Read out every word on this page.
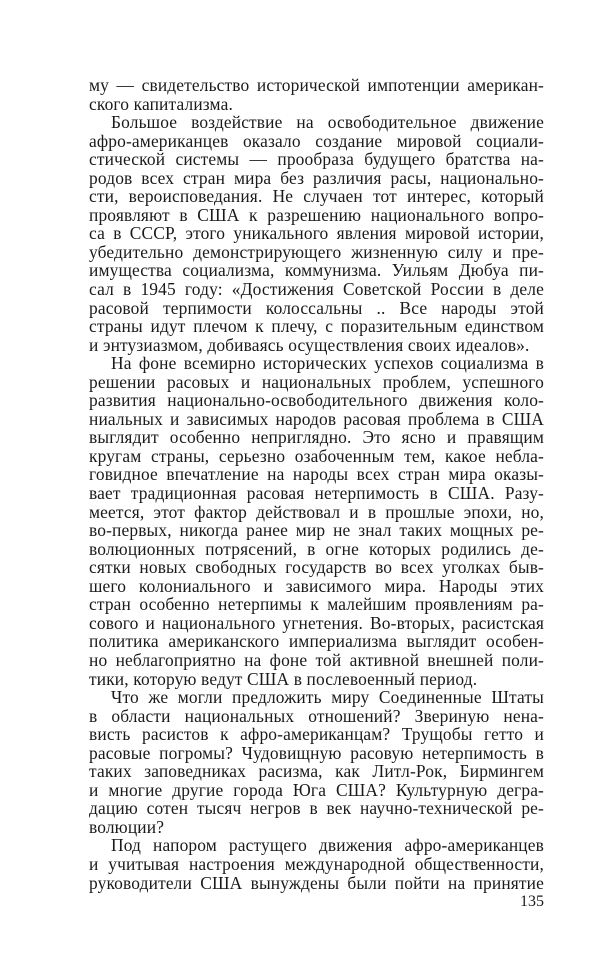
му — свидетельство исторической импотенции американ-
ского капитализма.
Большое воздействие на освободительное движение
афро-американцев оказало создание мировой социали-
стической системы — прообраза будущего братства на-
родов всех стран мира без различия расы, национально-
сти, вероисповедания. Не случаен тот интерес, который
проявляют в США к разрешению национального вопро-
са в СССР, этого уникального явления мировой истории,
убедительно демонстрирующего жизненную силу и пре-
имущества социализма, коммунизма. Уильям Дюбуа пи-
сал в 1945 году: «Достижения Советской России в деле
расовой терпимости колоссальны .. Все народы этой
страны идут плечом к плечу, с поразительным единством
и энтузиазмом, добиваясь осуществления своих идеалов».
На фоне всемирно исторических успехов социализма в
решении расовых и национальных проблем, успешного
развития национально-освободительного движения коло-
ниальных и зависимых народов расовая проблема в США
выглядит особенно неприглядно. Это ясно и правящим
кругам страны, серьезно озабоченным тем, какое небла-
говидное впечатление на народы всех стран мира оказы-
вает традиционная расовая нетерпимость в США. Разу-
меется, этот фактор действовал и в прошлые эпохи, но,
во-первых, никогда ранее мир не знал таких мощных ре-
волюционных потрясений, в огне которых родились де-
сятки новых свободных государств во всех уголках быв-
шего колониального и зависимого мира. Народы этих
стран особенно нетерпимы к малейшим проявлениям ра-
сового и национального угнетения. Во-вторых, расистская
политика американского империализма выглядит особен-
но неблагоприятно на фоне той активной внешней поли-
тики, которую ведут США в послевоенный период.
Что же могли предложить миру Соединенные Штаты
в области национальных отношений? Звериную нена-
висть расистов к афро-американцам? Трущобы гетто и
расовые погромы? Чудовищную расовую нетерпимость в
таких заповедниках расизма, как Литл-Рок, Бирмингем
и многие другие города Юга США? Культурную дегра-
дацию сотен тысяч негров в век научно-технической ре-
волюции?
Под напором растущего движения афро-американцев
и учитывая настроения международной общественности,
руководители США вынуждены были пойти на принятие
135
